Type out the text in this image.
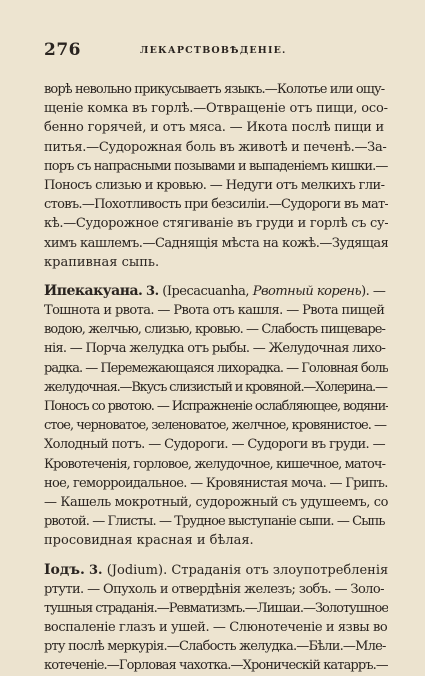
276	ЛЕКАРСТВОВѢДЕНІЕ.
ворѣ невольно прикусываетъ языкъ.—Колотье или ощу-
щеніе комка въ горлѣ.—Отвращеніе отъ пищи, осо-
бенно горячей, и отъ мяса. — Икота послѣ пищи и
питья.—Судорожная боль въ животѣ и печенѣ.—За-
поръ съ напрасными позывами и выпаденіемъ кишки.—
Поносъ слизью и кровью. — Недуги отъ мелкихъ гли-
стовъ.—Похотливость при безсиліи.—Судороги въ мат-
кѣ.—Судорожное стягиваніе въ груди и горлѣ съ су-
химъ кашлемъ.—Саднящія мѣста на кожѣ.—Зудящая
крапивная сыпь.
Ипекакуана. 3. (Ipecacuanha, Рвотный корень). —
Тошнота и рвота. — Рвота отъ кашля. — Рвота пищей
водою, желчью, слизью, кровью. — Слабость пищеваре-
нія. — Порча желудка отъ рыбы. — Желудочная лихо-
радка. — Перемежающаяся лихорадка. — Головная боль
желудочная.—Вкусъ слизистый и кровяной.—Холерина.—
Поносъ со рвотою. — Испражненіе ослабляющее, водяни-
стое, черноватое, зеленоватое, желчное, кровянистое. —
Холодный потъ. — Судороги. — Судороги въ груди. —
Кровотеченія, горловое, желудочное, кишечное, маточ-
ное, геморроидальное. — Кровянистая моча. — Грипъ.
— Кашель мокротный, судорожный съ удушеемъ, со
рвотой. — Глисты. — Трудное выступаніе сыпи. — Сыпь
просовидная красная и бѣлая.
Іодъ. 3. (Jodium). Страданія отъ злоупотребленія
ртути. — Опухоль и отвердѣнія железъ; зобъ. — Золо-
тушныя страданія.—Ревматизмъ.—Лишаи.—Золотушное
воспаленіе глазъ и ушей. — Слюнотеченіе и язвы во
рту послѣ меркурія.—Слабость желудка.—Бѣли.—Мле-
котеченіе.—Горловая чахотка.—Хроническій катарръ.—
